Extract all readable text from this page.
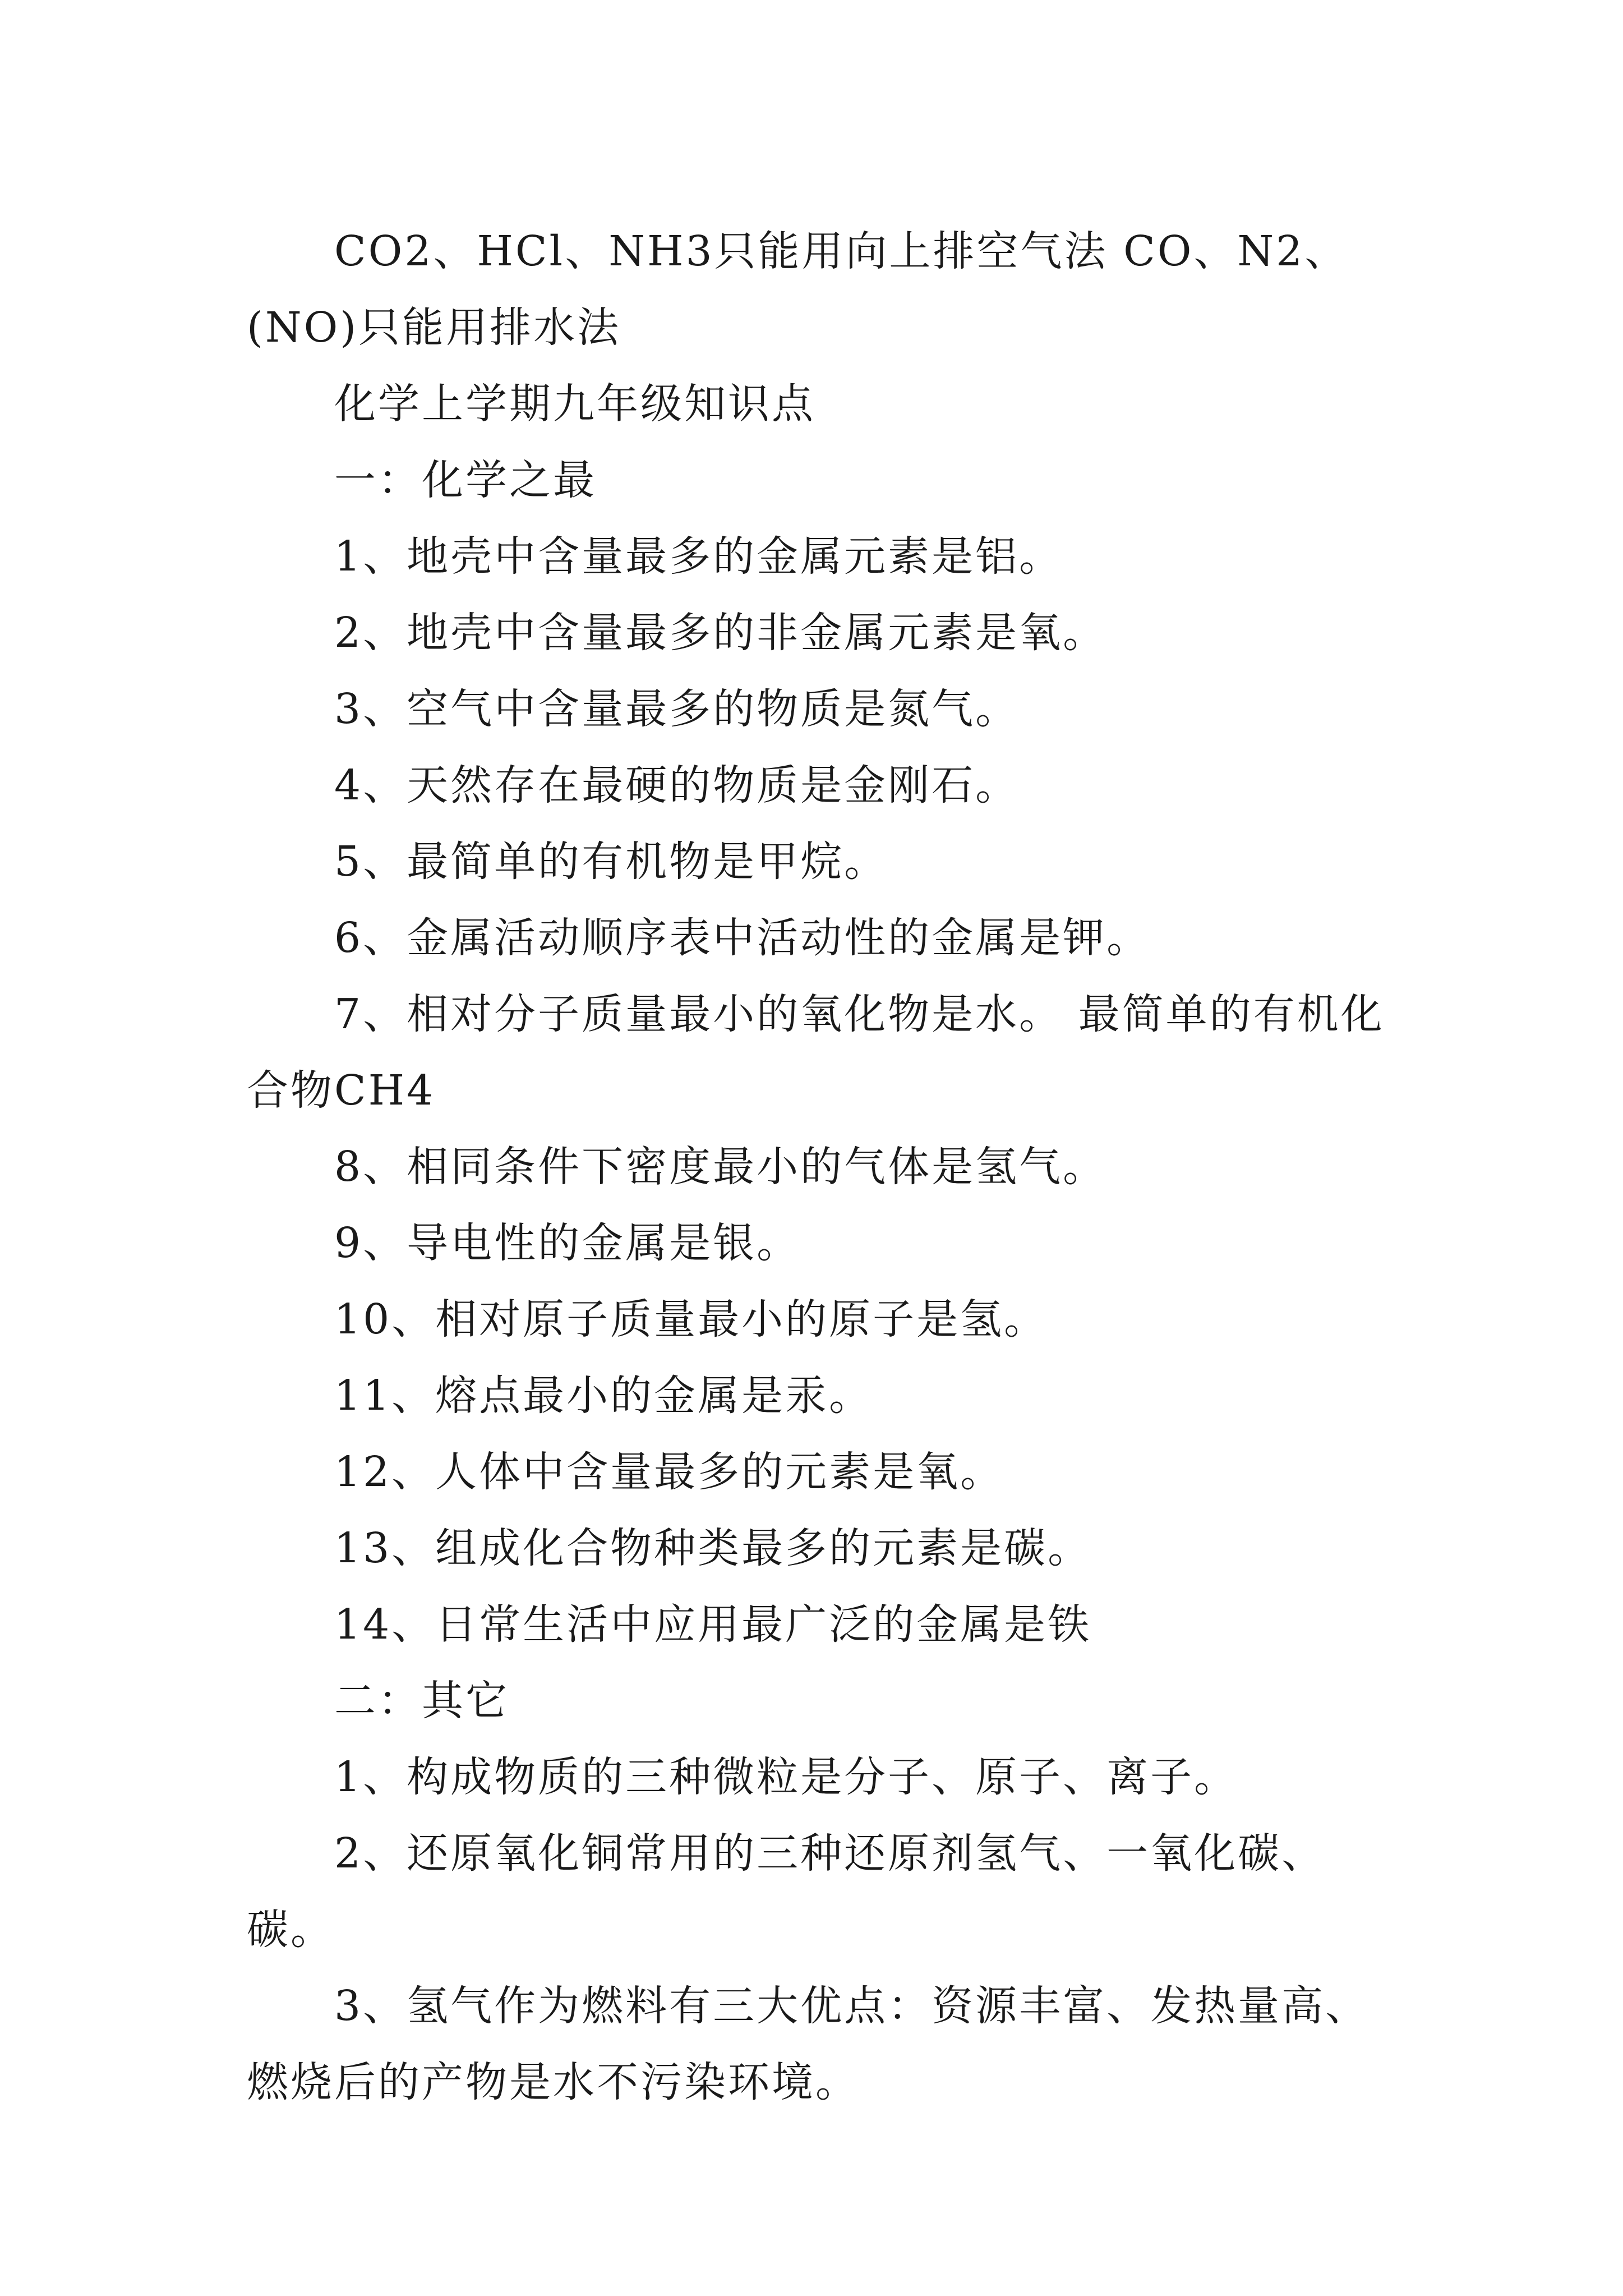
CO2、HCl、NH3只能用向上排空气法 CO、N2、(NO)只能用排水法

化学上学期九年级知识点

一：化学之最

1、地壳中含量最多的金属元素是铝。

2、地壳中含量最多的非金属元素是氧。

3、空气中含量最多的物质是氮气。

4、天然存在最硬的物质是金刚石。

5、最简单的有机物是甲烷。

6、金属活动顺序表中活动性的金属是钾。

7、相对分子质量最小的氧化物是水。 最简单的有机化合物CH4

8、相同条件下密度最小的气体是氢气。

9、导电性的金属是银。

10、相对原子质量最小的原子是氢。

11、熔点最小的金属是汞。

12、人体中含量最多的元素是氧。

13、组成化合物种类最多的元素是碳。

14、日常生活中应用最广泛的金属是铁

二：其它

1、构成物质的三种微粒是分子、原子、离子。

2、还原氧化铜常用的三种还原剂氢气、一氧化碳、碳。

3、氢气作为燃料有三大优点：资源丰富、发热量高、燃烧后的产物是水不污染环境。
